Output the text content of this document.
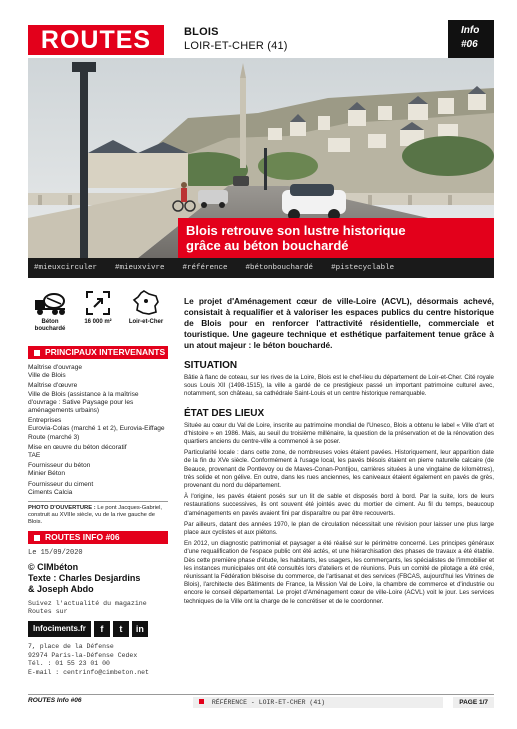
ROUTES	BLOIS
LOIR-ET-CHER (41)
Info
#06
Blois retrouve son lustre historique
grâce au béton bouchardé
#mieuxcirculer #mieuxvivre #référence #bétonbouchardé #pistecyclable
Béton bouchardé
16 000 m²	Loir-et-Cher
PRINCIPAUX INTERVENANTS
Maîtrise d'ouvrage
Ville de Blois
Maîtrise d'œuvre
Ville de Blois (assistance à la maîtrise d'ouvrage : Sative Paysage pour les aménagements urbains)
Entreprises
Eurovia-Colas (marché 1 et 2), Eurovia-Eiffage Route (marché 3)
Mise en œuvre du béton décoratif
TAE
Fournisseur du béton
Minier Béton
Fournisseur du ciment
Ciments Calcia
PHOTO D'OUVERTURE : Le pont Jacques-Gabriel, construit au XVIIIe siècle, vu de la rive gauche de Blois.
ROUTES INFO #06
Le 15/09/2020
© CIMbéton
Texte : Charles Desjardins
& Joseph Abdo
Suivez l'actualité du magazine Routes sur
Infociments.fr	f	t	in
7, place de la Défense
92974 Paris-la-Défense Cedex
Tél. : 01 55 23 01 00
E-mail : centrinfo@cimbeton.net

Le projet d'Aménagement cœur de ville-Loire (ACVL), désormais achevé, consistait à requalifier et à valoriser les espaces publics du centre historique de Blois pour en renforcer l'attractivité résidentielle, commerciale et touristique. Une gageure technique et esthétique parfaitement tenue grâce à un atout majeur : le béton bouchardé.

SITUATION

Bâtie à flanc de coteau, sur les rives de la Loire, Blois est le chef-lieu du département de Loir-et-Cher. Cité royale sous Louis XII (1498-1515), la ville a gardé de ce prestigieux passé un important patrimoine culturel avec, notamment, son château, sa cathédrale Saint-Louis et un centre historique remarquable.

ÉTAT DES LIEUX

Située au cœur du Val de Loire, inscrite au patrimoine mondial de l'Unesco, Blois a obtenu le label « Ville d'art et d'histoire » en 1986. Mais, au seuil du troisième millénaire, la question de la préservation et de la rénovation des quartiers anciens du centre-ville a commencé à se poser.

Particularité locale : dans cette zone, de nombreuses voies étaient pavées. Historiquement, leur apparition date de la fin du XVe siècle. Conformément à l'usage local, les pavés blésois étaient en pierre naturelle calcaire (de Beauce, provenant de Pontlevoy ou de Maves-Conan-Pontijou, carrières situées à une vingtaine de kilomètres), très solide et non gélive. En outre, dans les rues anciennes, les caniveaux étaient également en pavés de grès, provenant du nord du département.

À l'origine, les pavés étaient posés sur un lit de sable et disposés bord à bord. Par la suite, lors de leurs restaurations successives, ils ont souvent été jointés avec du mortier de ciment. Au fil du temps, beaucoup d'aménagements en pavés avaient fini par disparaître ou par être recouverts.

Par ailleurs, datant des années 1970, le plan de circulation nécessitait une révision pour laisser une plus large place aux cyclistes et aux piétons.

En 2012, un diagnostic patrimonial et paysager a été réalisé sur le périmètre concerné. Les principes généraux d'une requalification de l'espace public ont été actés, et une hiérarchisation des phases de travaux a été établie. Dès cette première phase d'étude, les habitants, les usagers, les commerçants, les spécialistes de l'immobilier et les instances municipales ont été consultés lors d'ateliers et de réunions. Puis un comité de pilotage a été créé, réunissant la Fédération blésoise du commerce, de l'artisanat et des services (FBCAS, aujourd'hui les Vitrines de Blois), l'architecte des Bâtiments de France, la Mission Val de Loire, la chambre de commerce et d'industrie ou encore le conseil départemental. Le projet d'Aménagement cœur de ville-Loire (ACVL) voit le jour. Les services techniques de la Ville ont la charge de le concrétiser et de le coordonner.

ROUTES Info #06	RÉFÉRENCE - LOIR-ET-CHER (41)	PAGE 1/7
